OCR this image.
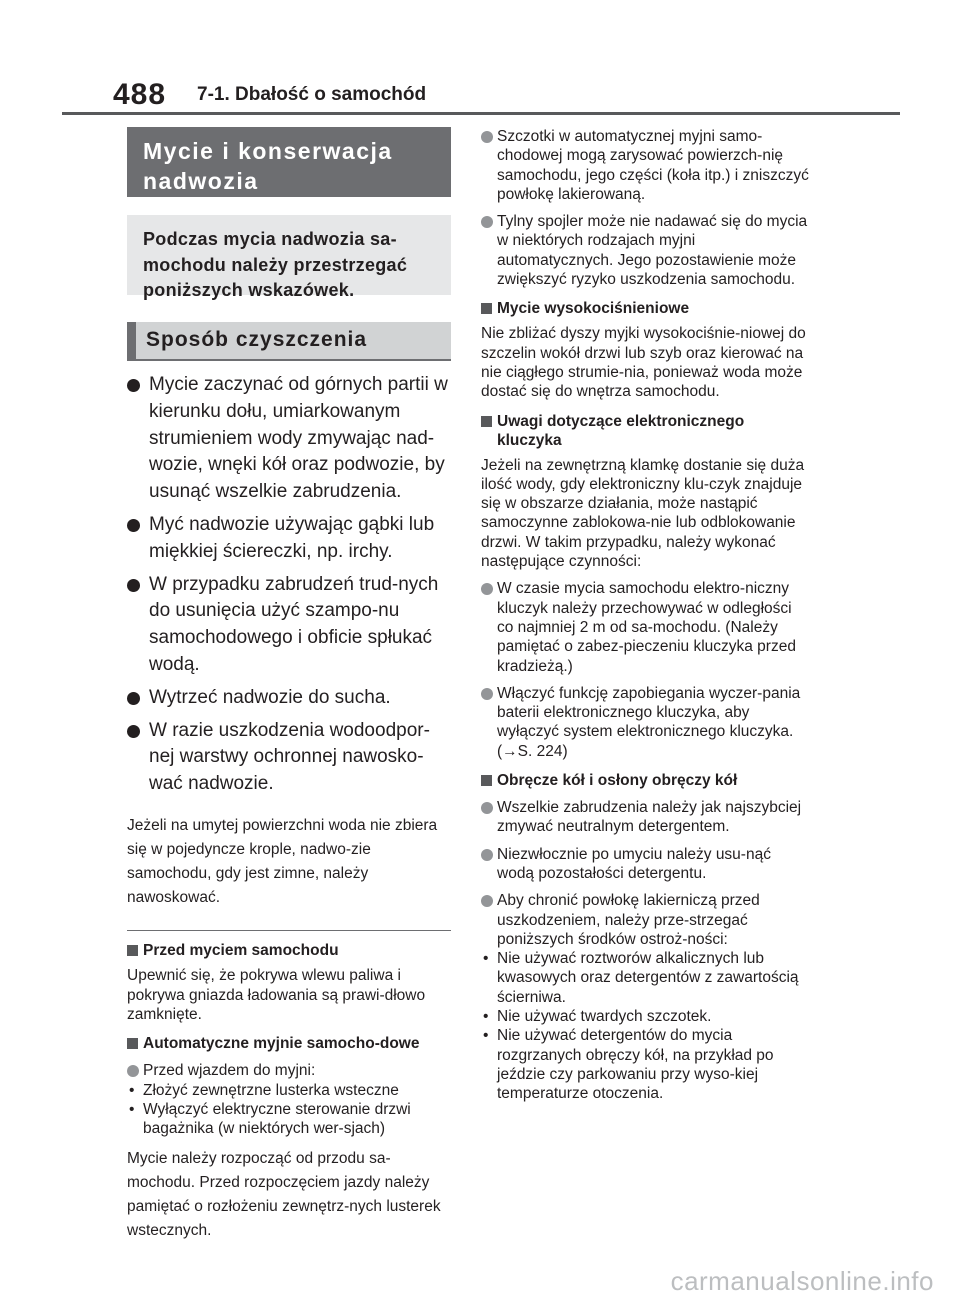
488 7-1. Dbałość o samochód
Mycie i konserwacja nadwozia
Podczas mycia nadwozia sa-mochodu należy przestrzegać poniższych wskazówek.
Sposób czyszczenia
Mycie zaczynać od górnych partii w kierunku dołu, umiarkowanym strumieniem wody zmywając nad-wozie, wnęki kół oraz podwozie, by usunąć wszelkie zabrudzenia.
Myć nadwozie używając gąbki lub miękkiej ściereczki, np. irchy.
W przypadku zabrudzeń trud-nych do usunięcia użyć szampo-nu samochodowego i obficie spłukać wodą.
Wytrzeć nadwozie do sucha.
W razie uszkodzenia wodoodpor-nej warstwy ochronnej nawosko-wać nadwozie.
Jeżeli na umytej powierzchni woda nie zbiera się w pojedyncze krople, nadwo-zie samochodu, gdy jest zimne, należy nawoskować.
Przed myciem samochodu
Upewnić się, że pokrywa wlewu paliwa i pokrywa gniazda ładowania są prawi-dłowo zamknięte.
Automatyczne myjnie samocho-dowe
Przed wjazdem do myjni:
• Złożyć zewnętrzne lusterka wsteczne
• Wyłączyć elektryczne sterowanie drzwi bagażnika (w niektórych wer-sjach)
Mycie należy rozpocząć od przodu sa-mochodu. Przed rozpoczęciem jazdy należy pamiętać o rozłożeniu zewnętrz-nych lusterek wstecznych.
Szczotki w automatycznej myjni samo-chodowej mogą zarysować powierzch-nię samochodu, jego części (koła itp.) i zniszczyć powłokę lakierowaną.
Tylny spojler może nie nadawać się do mycia w niektórych rodzajach myjni automatycznych. Jego pozostawienie może zwiększyć ryzyko uszkodzenia samochodu.
Mycie wysokociśnieniowe
Nie zbliżać dyszy myjki wysokociśnie-niowej do szczelin wokół drzwi lub szyb oraz kierować na nie ciągłego strumie-nia, ponieważ woda może dostać się do wnętrza samochodu.
Uwagi dotyczące elektronicznego kluczyka
Jeżeli na zewnętrzną klamkę dostanie się duża ilość wody, gdy elektroniczny klu-czyk znajduje się w obszarze działania, może nastąpić samoczynne zablokowa-nie lub odblokowanie drzwi. W takim przypadku, należy wykonać następujące czynności:
W czasie mycia samochodu elektro-niczny kluczyk należy przechowywać w odległości co najmniej 2 m od sa-mochodu. (Należy pamiętać o zabez-pieczeniu kluczyka przed kradzieżą.)
Włączyć funkcję zapobiegania wyczer-pania baterii elektronicznego kluczyka, aby wyłączyć system elektronicznego kluczyka. (→S. 224)
Obręcze kół i osłony obręczy kół
Wszelkie zabrudzenia należy jak najszybciej zmywać neutralnym detergentem.
Niezwłocznie po umyciu należy usu-nąć wodą pozostałości detergentu.
Aby chronić powłokę lakierniczą przed uszkodzeniem, należy prze-strzegać poniższych środków ostroż-ności:
• Nie używać roztworów alkalicznych lub kwasowych oraz detergentów z zawartością ścierniwa.
• Nie używać twardych szczotek.
• Nie używać detergentów do mycia rozgrzanych obręczy kół, na przykład po jeździe czy parkowaniu przy wyso-kiej temperaturze otoczenia.
carmanualsonline.info
